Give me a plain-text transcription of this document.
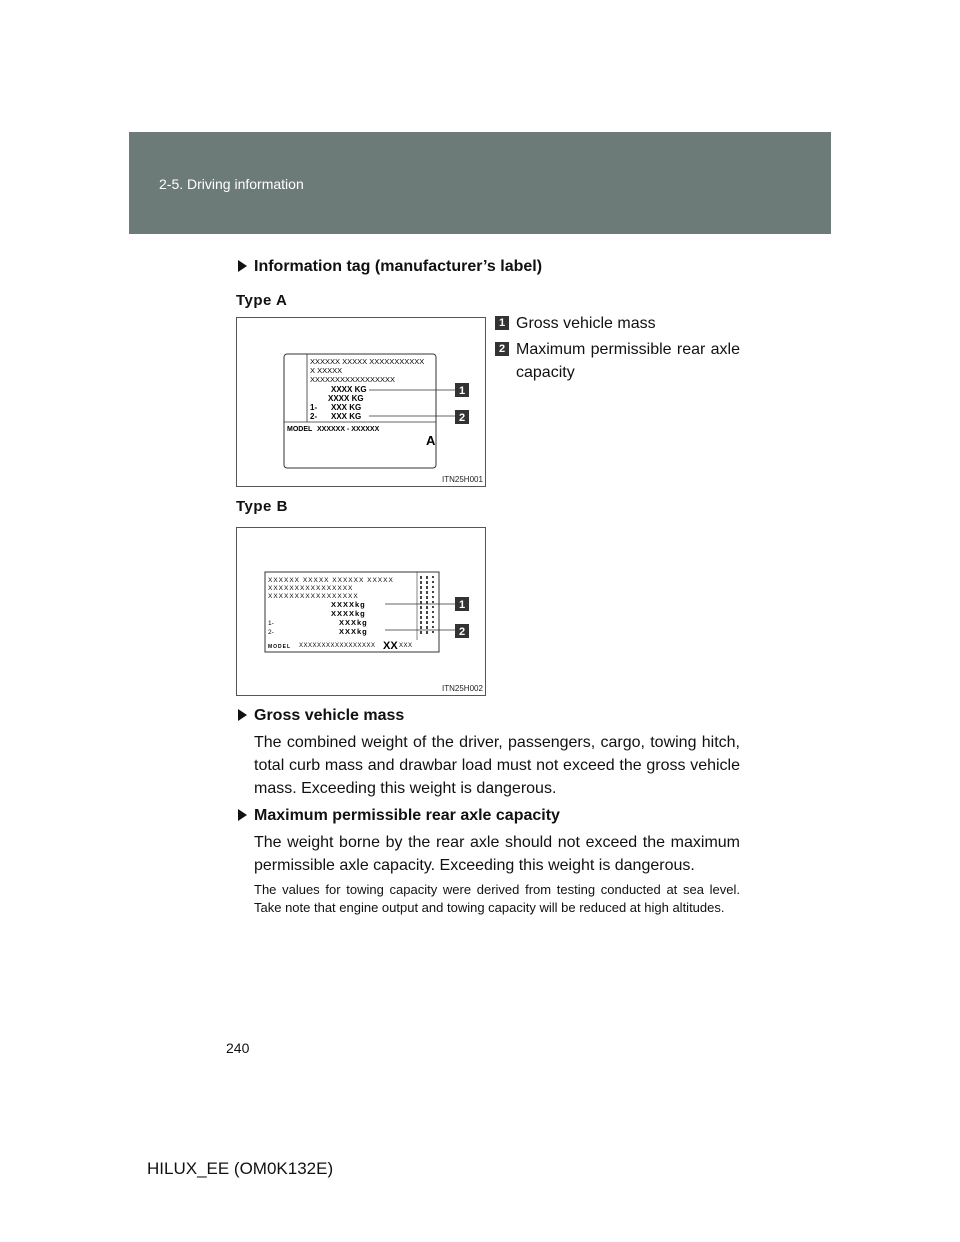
2-5. Driving information
Information tag (manufacturer’s label)
Type A
XXXXXX XXXXX XXXXXXXXXXX
X XXXXX
XXXXXXXXXXXXXXXXX
XXXX KG
XXXX KG
1- XXX KG
2- XXX KG
MODEL XXXXXX - XXXXXX
A
1
2
ITN25H001
1 Gross vehicle mass
2 Maximum permissible rear axle capacity
Type B
XXXXXX XXXXX XXXXXX XXXXX
XXXXXXXXXXXXXXXX
XXXXXXXXXXXXXXXXX
XXXXkg
XXXXkg
1-	XXXkg
2-	XXXkg
MODEL XXXXXXXXXXXXXXXXX XX XXX
1
2
ITN25H002
Gross vehicle mass
The combined weight of the driver, passengers, cargo, towing hitch, total curb mass and drawbar load must not exceed the gross vehicle mass. Exceeding this weight is dangerous.
Maximum permissible rear axle capacity
The weight borne by the rear axle should not exceed the maximum permissible axle capacity. Exceeding this weight is dangerous.
The values for towing capacity were derived from testing conducted at sea level. Take note that engine output and towing capacity will be reduced at high altitudes.
240
HILUX_EE (OM0K132E)
